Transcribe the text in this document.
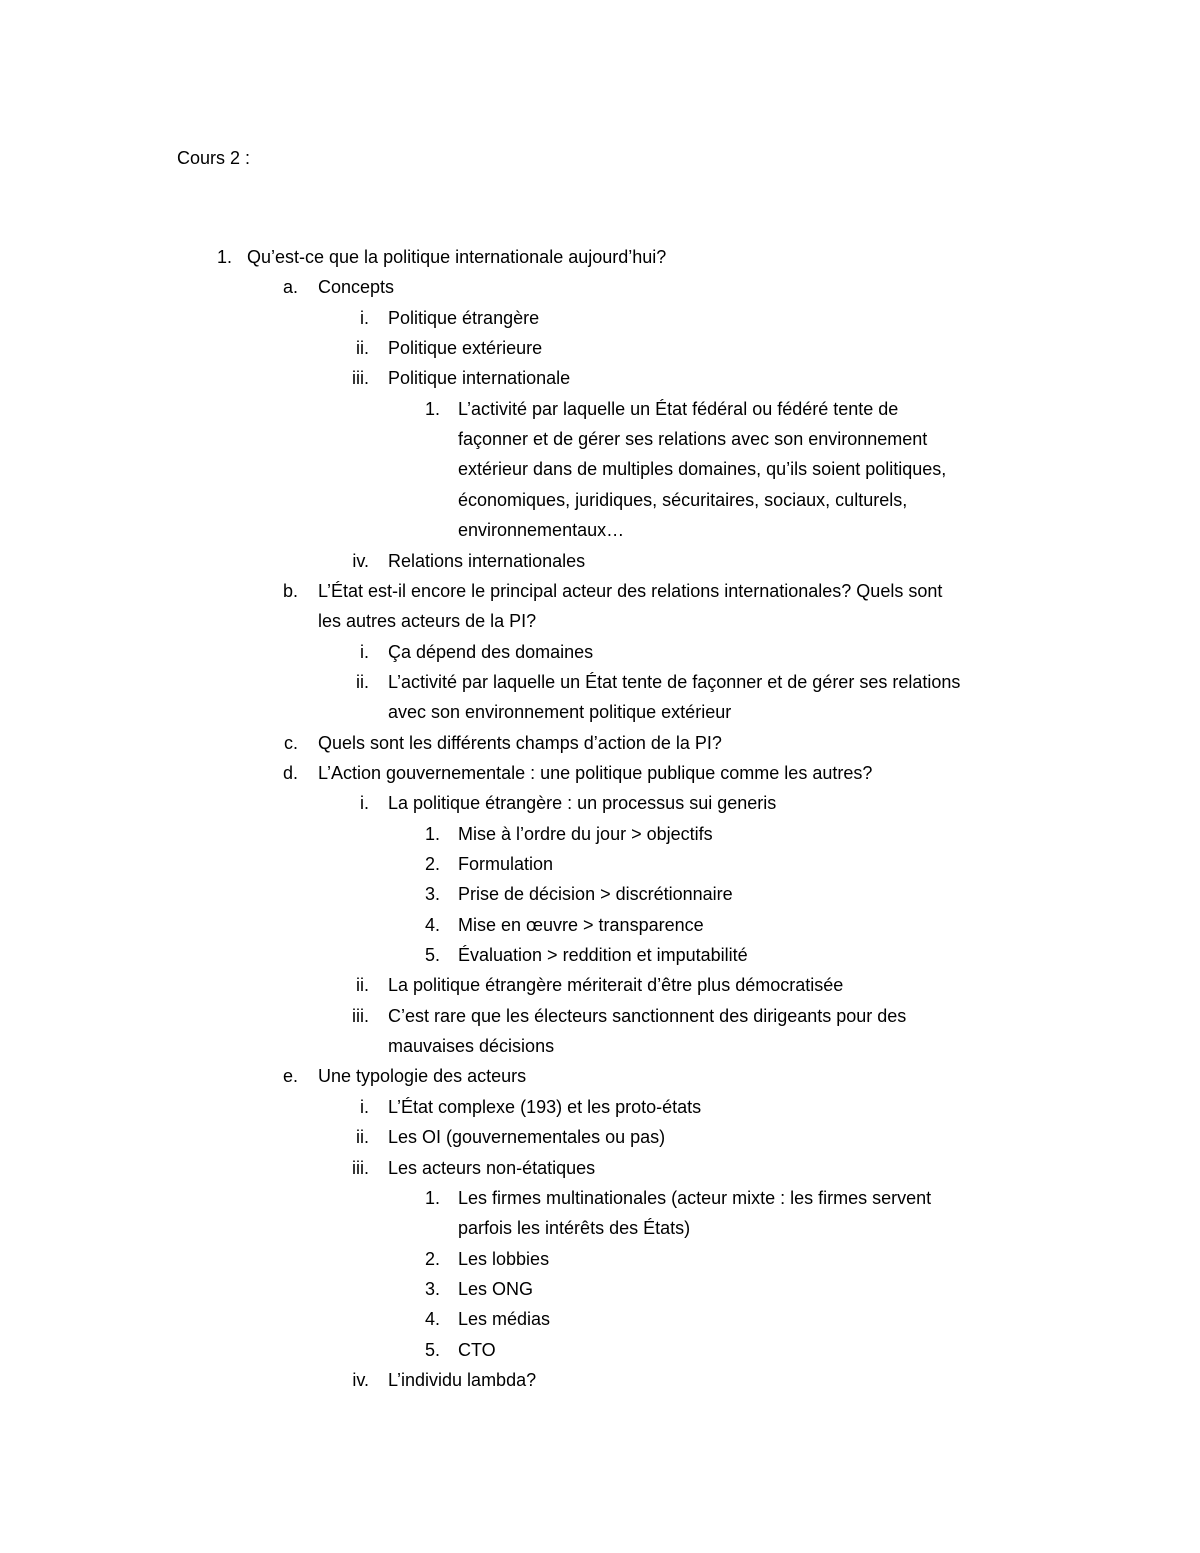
Cours 2 :
1. Qu’est-ce que la politique internationale aujourd’hui?
a. Concepts
i. Politique étrangère
ii. Politique extérieure
iii. Politique internationale
1. L’activité par laquelle un État fédéral ou fédéré tente de
façonner et de gérer ses relations avec son environnement
extérieur dans de multiples domaines, qu’ils soient politiques,
économiques, juridiques, sécuritaires, sociaux, culturels,
environnementaux…
iv. Relations internationales
b. L’État est-il encore le principal acteur des relations internationales? Quels sont
les autres acteurs de la PI?
i. Ça dépend des domaines
ii. L’activité par laquelle un État tente de façonner et de gérer ses relations
avec son environnement politique extérieur
c. Quels sont les différents champs d’action de la PI?
d. L’Action gouvernementale : une politique publique comme les autres?
i. La politique étrangère : un processus sui generis
1. Mise à l’ordre du jour > objectifs
2. Formulation
3. Prise de décision > discrétionnaire
4. Mise en œuvre > transparence
5. Évaluation > reddition et imputabilité
ii. La politique étrangère mériterait d’être plus démocratisée
iii. C’est rare que les électeurs sanctionnent des dirigeants pour des
mauvaises décisions
e. Une typologie des acteurs
i. L’État complexe (193) et les proto-états
ii. Les OI (gouvernementales ou pas)
iii. Les acteurs non-étatiques
1. Les firmes multinationales (acteur mixte : les firmes servent
parfois les intérêts des États)
2. Les lobbies
3. Les ONG
4. Les médias
5. CTO
iv. L’individu lambda?
